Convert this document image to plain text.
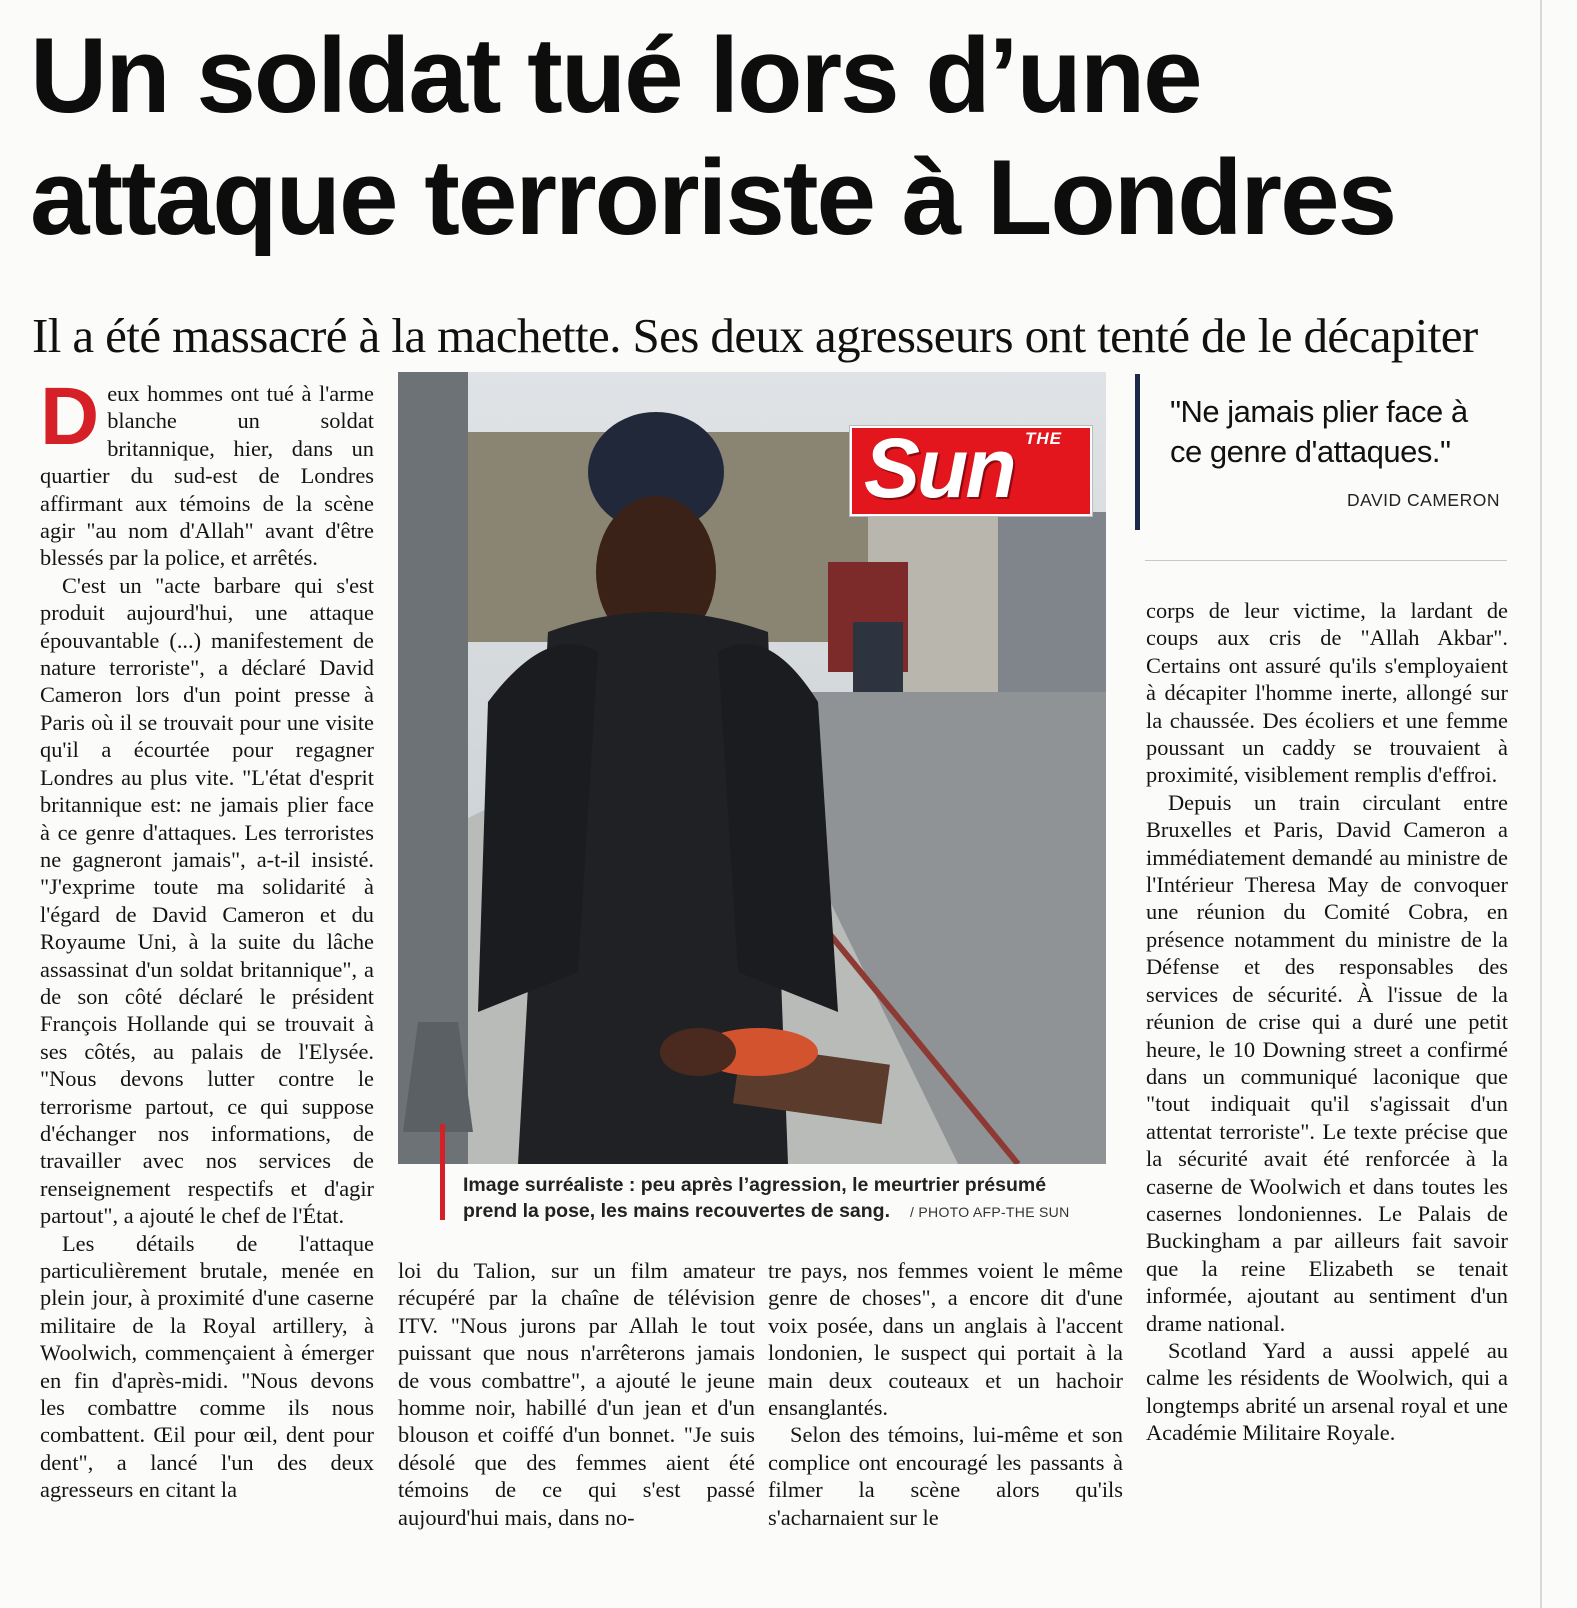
Un soldat tué lors d’une
attaque terroriste à Londres
Il a été massacré à la machette. Ses deux agresseurs ont tenté de le décapiter

Deux hommes ont tué à l'arme blanche un soldat britannique, hier, dans un quartier du sud-est de Londres affirmant aux témoins de la scène agir "au nom d'Allah" avant d'être blessés par la police, et arrêtés.

C'est un "acte barbare qui s'est produit aujourd'hui, une attaque épouvantable (...) manifestement de nature terroriste", a déclaré David Cameron lors d'un point presse à Paris où il se trouvait pour une visite qu'il a écourtée pour regagner Londres au plus vite. "L'état d'esprit britannique est: ne jamais plier face à ce genre d'attaques. Les terroristes ne gagneront jamais", a-t-il insisté. "J'exprime toute ma solidarité à l'égard de David Cameron et du Royaume Uni, à la suite du lâche assassinat d'un soldat britannique", a de son côté déclaré le président François Hollande qui se trouvait à ses côtés, au palais de l'Elysée. "Nous devons lutter contre le terrorisme partout, ce qui suppose d'échanger nos informations, de travailler avec nos services de renseignement respectifs et d'agir partout", a ajouté le chef de l'État.

Les détails de l'attaque particulièrement brutale, menée en plein jour, à proximité d'une caserne militaire de la Royal artillery, à Woolwich, commençaient à émerger en fin d'après-midi. "Nous devons les combattre comme ils nous combattent. Œil pour œil, dent pour dent", a lancé l'un des deux agresseurs en citant la

THE
Sun
Image surréaliste : peu après l’agression, le meurtrier présumé prend la pose, les mains recouvertes de sang. / PHOTO AFP-THE SUN
"Ne jamais plier face à ce genre d'attaques."
DAVID CAMERON

loi du Talion, sur un film amateur récupéré par la chaîne de télévision ITV. "Nous jurons par Allah le tout puissant que nous n'arrêterons jamais de vous combattre", a ajouté le jeune homme noir, habillé d'un jean et d'un blouson et coiffé d'un bonnet. "Je suis désolé que des femmes aient été témoins de ce qui s'est passé aujourd'hui mais, dans no-

tre pays, nos femmes voient le même genre de choses", a encore dit d'une voix posée, dans un anglais à l'accent londonien, le suspect qui portait à la main deux couteaux et un hachoir ensanglantés.

Selon des témoins, lui-même et son complice ont encouragé les passants à filmer la scène alors qu'ils s'acharnaient sur le

corps de leur victime, la lardant de coups aux cris de "Allah Akbar". Certains ont assuré qu'ils s'employaient à décapiter l'homme inerte, allongé sur la chaussée. Des écoliers et une femme poussant un caddy se trouvaient à proximité, visiblement remplis d'effroi.

Depuis un train circulant entre Bruxelles et Paris, David Cameron a immédiatement demandé au ministre de l'Intérieur Theresa May de convoquer une réunion du Comité Cobra, en présence notamment du ministre de la Défense et des responsables des services de sécurité. À l'issue de la réunion de crise qui a duré une petit heure, le 10 Downing street a confirmé dans un communiqué laconique que "tout indiquait qu'il s'agissait d'un attentat terroriste". Le texte précise que la sécurité avait été renforcée à la caserne de Woolwich et dans toutes les casernes londoniennes. Le Palais de Buckingham a par ailleurs fait savoir que la reine Elizabeth se tenait informée, ajoutant au sentiment d'un drame national.

Scotland Yard a aussi appelé au calme les résidents de Woolwich, qui a longtemps abrité un arsenal royal et une Académie Militaire Royale.
